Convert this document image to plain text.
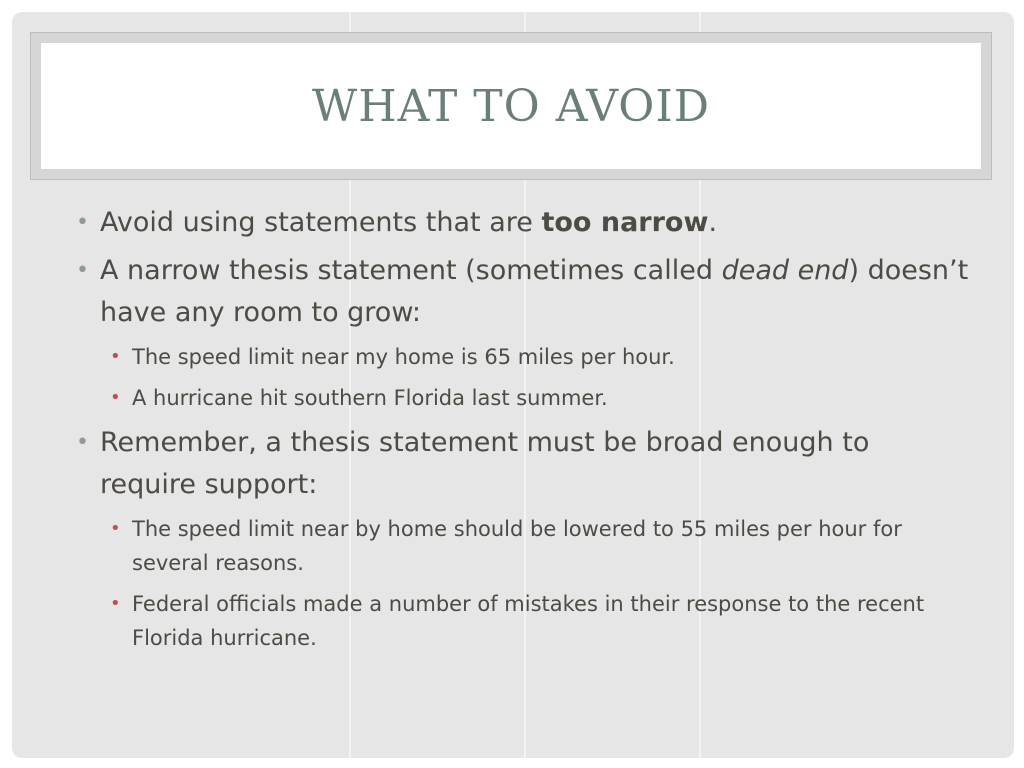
WHAT TO AVOID
• Avoid using statements that are too narrow.
• A narrow thesis statement (sometimes called dead end) doesn’t have any room to grow:
• The speed limit near my home is 65 miles per hour.
• A hurricane hit southern Florida last summer.
• Remember, a thesis statement must be broad enough to require support:
• The speed limit near by home should be lowered to 55 miles per hour for several reasons.
• Federal officials made a number of mistakes in their response to the recent Florida hurricane.
